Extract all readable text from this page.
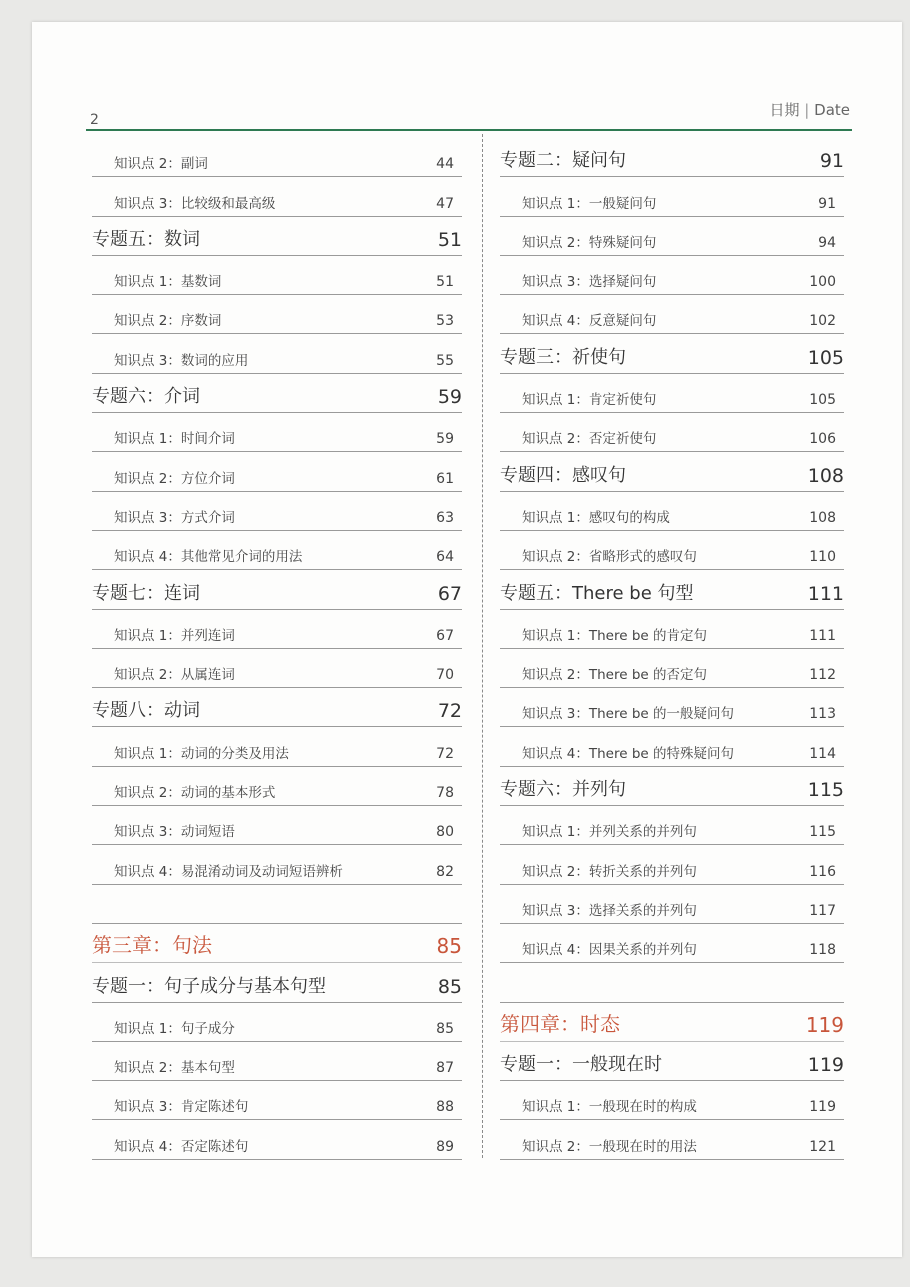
2
日期 | Date
知识点 2：副词	44
知识点 3：比较级和最高级	47
专题五：数词	51
知识点 1：基数词	51
知识点 2：序数词	53
知识点 3：数词的应用	55
专题六：介词	59
知识点 1：时间介词	59
知识点 2：方位介词	61
知识点 3：方式介词	63
知识点 4：其他常见介词的用法	64
专题七：连词	67
知识点 1：并列连词	67
知识点 2：从属连词	70
专题八：动词	72
知识点 1：动词的分类及用法	72
知识点 2：动词的基本形式	78
知识点 3：动词短语	80
知识点 4：易混淆动词及动词短语辨析	82
第三章：句法	85
专题一：句子成分与基本句型	85
知识点 1：句子成分	85
知识点 2：基本句型	87
知识点 3：肯定陈述句	88
知识点 4：否定陈述句	89
专题二：疑问句	91
知识点 1：一般疑问句	91
知识点 2：特殊疑问句	94
知识点 3：选择疑问句	100
知识点 4：反意疑问句	102
专题三：祈使句	105
知识点 1：肯定祈使句	105
知识点 2：否定祈使句	106
专题四：感叹句	108
知识点 1：感叹句的构成	108
知识点 2：省略形式的感叹句	110
专题五：There be 句型	111
知识点 1：There be 的肯定句	111
知识点 2：There be 的否定句	112
知识点 3：There be 的一般疑问句	113
知识点 4：There be 的特殊疑问句	114
专题六：并列句	115
知识点 1：并列关系的并列句	115
知识点 2：转折关系的并列句	116
知识点 3：选择关系的并列句	117
知识点 4：因果关系的并列句	118
第四章：时态	119
专题一：一般现在时	119
知识点 1：一般现在时的构成	119
知识点 2：一般现在时的用法	121
